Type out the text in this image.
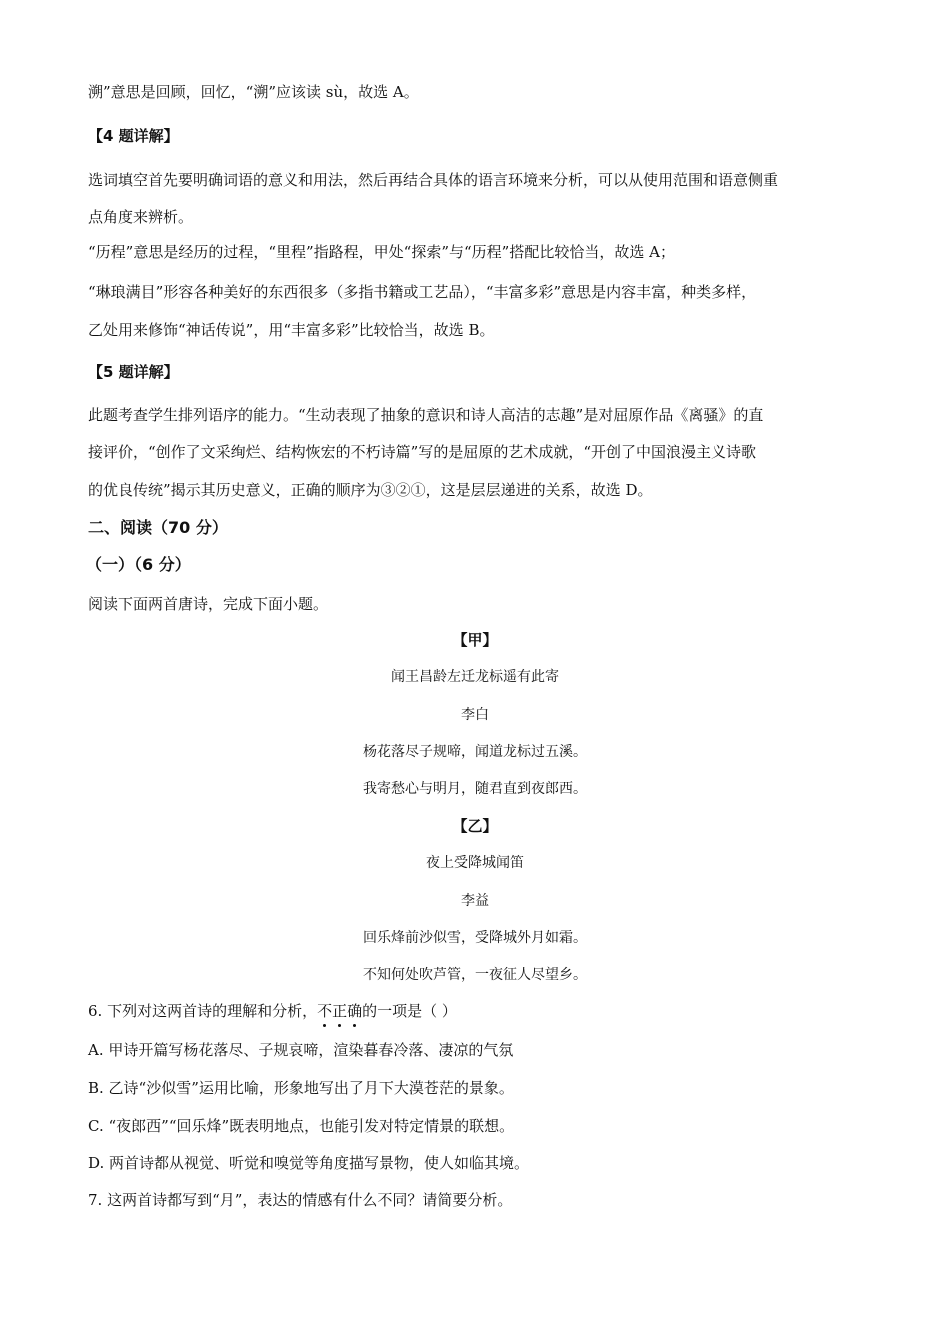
溯”意思是回顾，回忆，“溯”应该读 sù，故选 A。
【4 题详解】
选词填空首先要明确词语的意义和用法，然后再结合具体的语言环境来分析，可以从使用范围和语意侧重
点角度来辨析。
“历程”意思是经历的过程，“里程”指路程，甲处“探索”与“历程”搭配比较恰当，故选 A；
“琳琅满目”形容各种美好的东西很多（多指书籍或工艺品），“丰富多彩”意思是内容丰富，种类多样，
乙处用来修饰“神话传说”，用“丰富多彩”比较恰当，故选 B。
【5 题详解】
此题考查学生排列语序的能力。“生动表现了抽象的意识和诗人高洁的志趣”是对屈原作品《离骚》的直
接评价，“创作了文采绚烂、结构恢宏的不朽诗篇”写的是屈原的艺术成就，“开创了中国浪漫主义诗歌
的优良传统”揭示其历史意义，正确的顺序为③②①，这是层层递进的关系，故选 D。
二、阅读（70 分）
（一）（6 分）
阅读下面两首唐诗，完成下面小题。
【甲】
闻王昌龄左迁龙标遥有此寄
李白
杨花落尽子规啼，闻道龙标过五溪。
我寄愁心与明月，随君直到夜郎西。
【乙】
夜上受降城闻笛
李益
回乐烽前沙似雪，受降城外月如霜。
不知何处吹芦管，一夜征人尽望乡。
6. 下列对这两首诗的理解和分析，不正确的一项是（ ）
A. 甲诗开篇写杨花落尽、子规哀啼，渲染暮春冷落、凄凉的气氛
B. 乙诗“沙似雪”运用比喻，形象地写出了月下大漠苍茫的景象。
C. “夜郎西”“回乐烽”既表明地点，也能引发对特定情景的联想。
D. 两首诗都从视觉、听觉和嗅觉等角度描写景物，使人如临其境。
7. 这两首诗都写到“月”，表达的情感有什么不同？请简要分析。
